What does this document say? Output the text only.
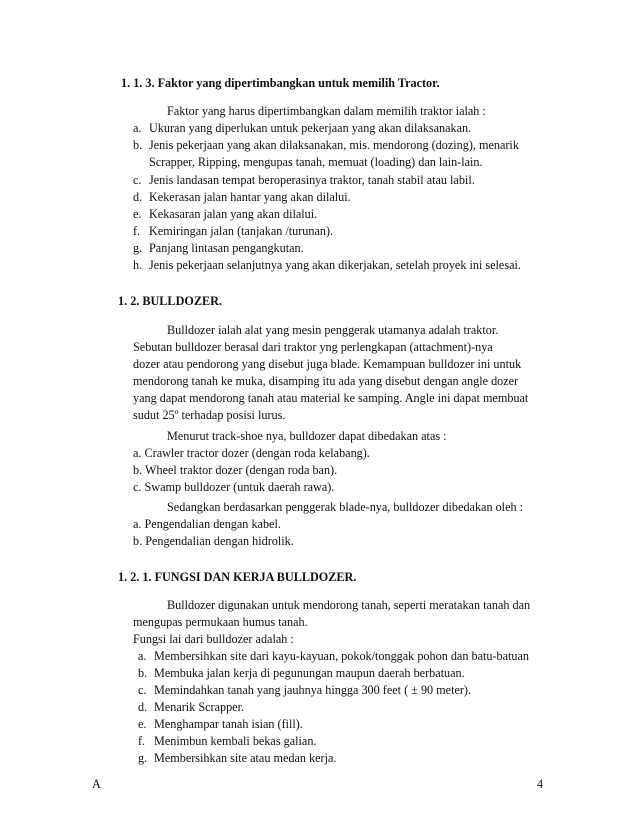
1. 1. 3. Faktor yang dipertimbangkan untuk memilih Tractor.
Faktor yang harus dipertimbangkan dalam memilih traktor ialah :
a. Ukuran yang diperlukan untuk pekerjaan yang akan dilaksanakan.
b. Jenis pekerjaan yang akan dilaksanakan, mis. mendorong (dozing), menarik
Scrapper, Ripping, mengupas tanah, memuat (loading) dan lain-lain.
c. Jenis landasan tempat beroperasinya traktor, tanah stabil atau labil.
d. Kekerasan jalan hantar yang akan dilalui.
e. Kekasaran jalan yang akan dilalui.
f. Kemiringan jalan (tanjakan /turunan).
g. Panjang lintasan pengangkutan.
h. Jenis pekerjaan selanjutnya yang akan dikerjakan, setelah proyek ini selesai.
1. 2. BULLDOZER.
Bulldozer ialah alat yang mesin penggerak utamanya adalah traktor.
Sebutan bulldozer berasal dari traktor yng perlengkapan (attachment)-nya
dozer atau pendorong yang disebut juga blade. Kemampuan bulldozer ini untuk
mendorong tanah ke muka, disamping itu ada yang disebut dengan angle dozer
yang dapat mendorong tanah atau material ke samping. Angle ini dapat membuat
sudut 25º terhadap posisi lurus.
Menurut track-shoe nya, bulldozer dapat dibedakan atas :
a. Crawler tractor dozer (dengan roda kelabang).
b. Wheel traktor dozer (dengan roda ban).
c. Swamp bulldozer (untuk daerah rawa).
Sedangkan berdasarkan penggerak blade-nya, bulldozer dibedakan oleh :
a. Pengendalian dengan kabel.
b. Pengendalian dengan hidrolik.
1. 2. 1. FUNGSI DAN KERJA BULLDOZER.
Bulldozer digunakan untuk mendorong tanah, seperti meratakan tanah dan
mengupas permukaan humus tanah.
Fungsi lai dari bulldozer adalah :
a. Membersihkan site dari kayu-kayuan, pokok/tonggak pohon dan batu-batuan
b. Membuka jalan kerja di pegunungan maupun daerah berbatuan.
c. Memindahkan tanah yang jauhnya hingga 300 feet ( ± 90 meter).
d. Menarik Scrapper.
e. Menghampar tanah isian (fill).
f. Menimbun kembali bekas galian.
g. Membersihkan site atau medan kerja.
A	4
